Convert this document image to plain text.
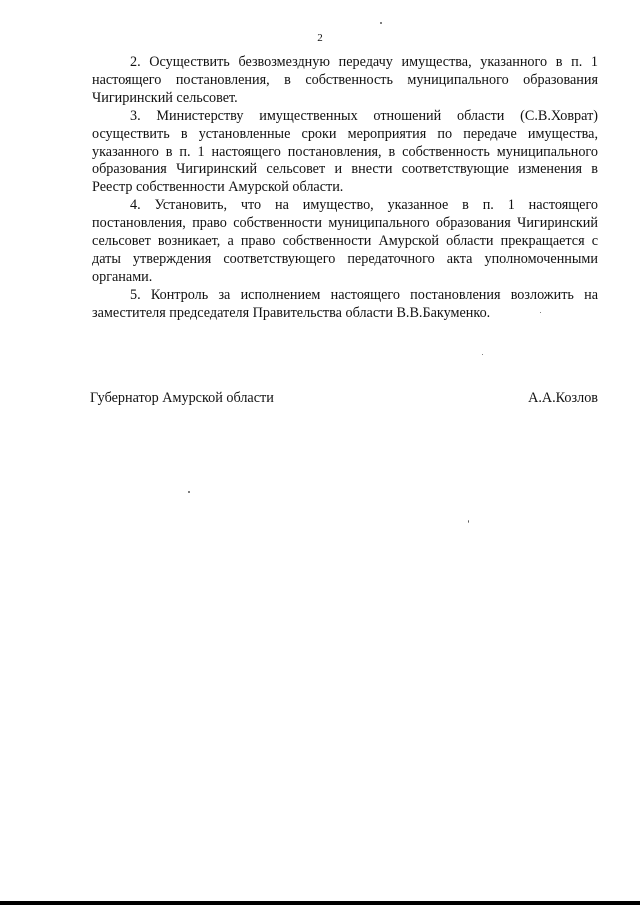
2

2. Осуществить безвозмездную передачу имущества, указанного в п. 1 настоящего постановления, в собственность муниципального образования Чигиринский сельсовет.

3. Министерству имущественных отношений области (С.В.Ховрат) осуществить в установленные сроки мероприятия по передаче имущества, указанного в п. 1 настоящего постановления, в собственность муниципального образования Чигиринский сельсовет и внести соответствующие изменения в Реестр собственности Амурской области.

4. Установить, что на имущество, указанное в п. 1 настоящего постановления, право собственности муниципального образования Чигиринский сельсовет возникает, а право собственности Амурской области прекращается с даты утверждения соответствующего передаточного акта уполномоченными органами.

5. Контроль за исполнением настоящего постановления возложить на заместителя председателя Правительства области В.В.Бакуменко.

Губернатор Амурской области	А.А.Козлов
